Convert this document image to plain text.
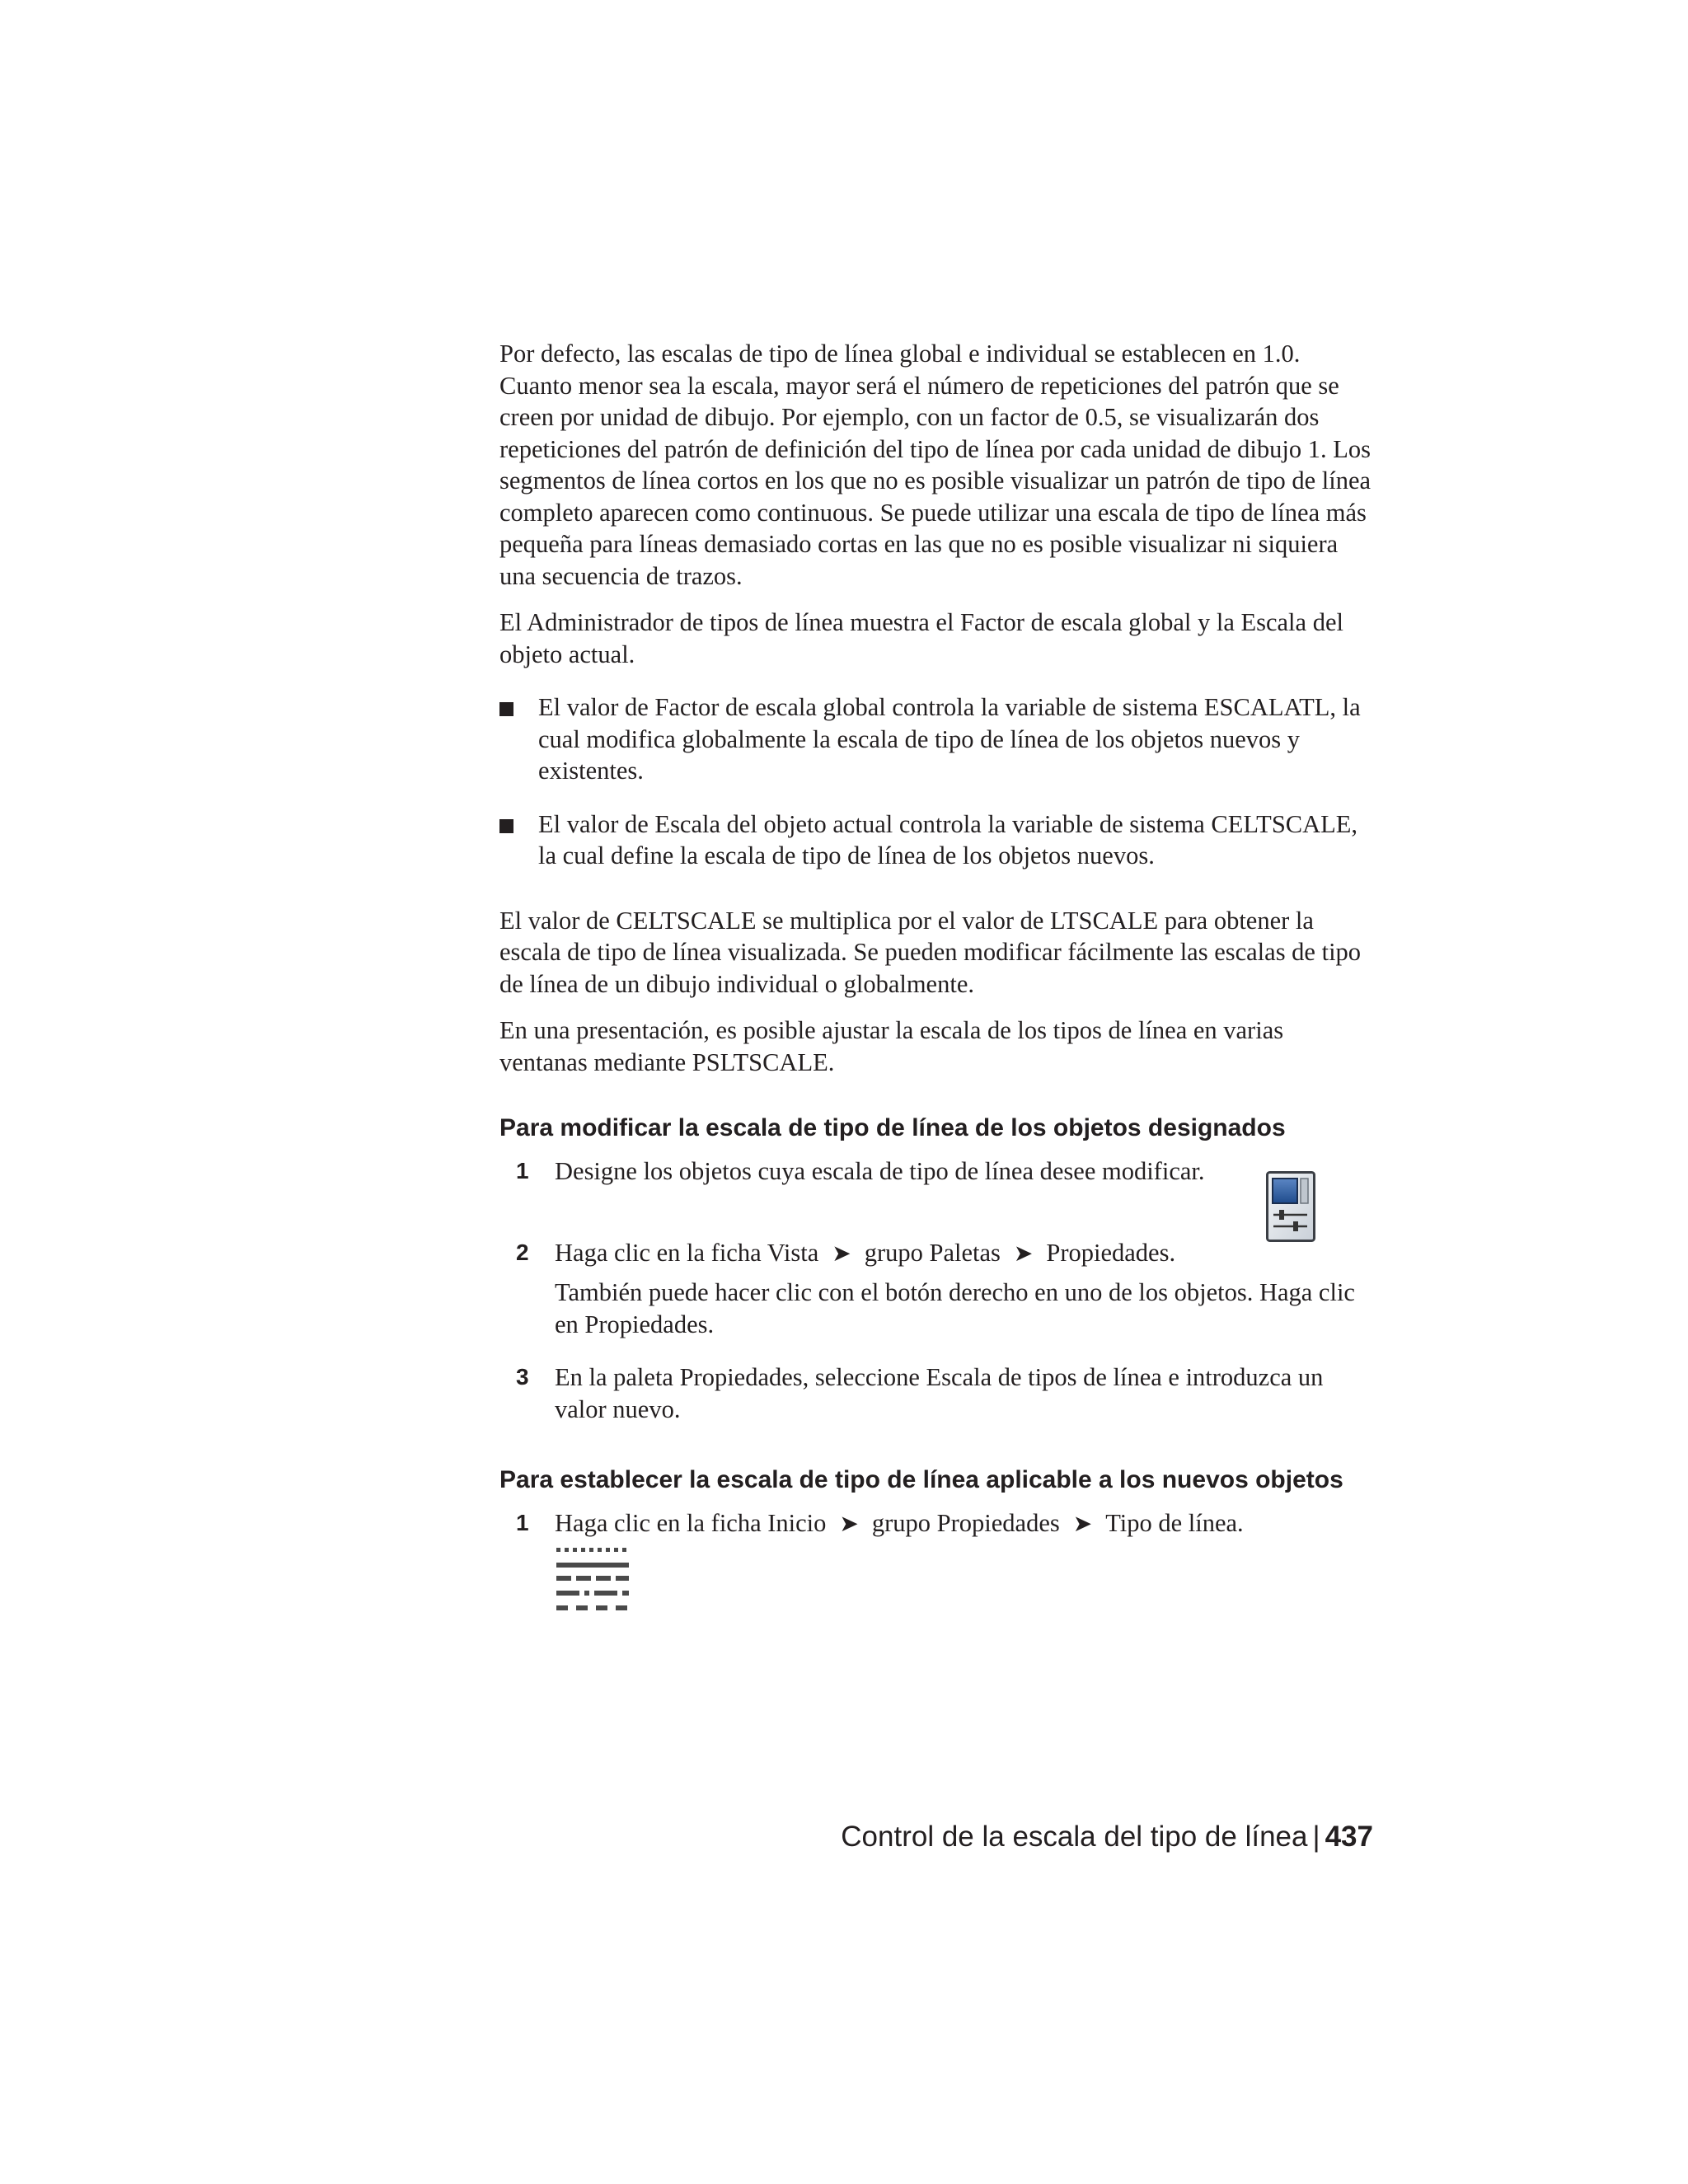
Por defecto, las escalas de tipo de línea global e individual se establecen en 1.0. Cuanto menor sea la escala, mayor será el número de repeticiones del patrón que se creen por unidad de dibujo. Por ejemplo, con un factor de 0.5, se visualizarán dos repeticiones del patrón de definición del tipo de línea por cada unidad de dibujo 1. Los segmentos de línea cortos en los que no es posible visualizar un patrón de tipo de línea completo aparecen como continuous. Se puede utilizar una escala de tipo de línea más pequeña para líneas demasiado cortas en las que no es posible visualizar ni siquiera una secuencia de trazos.

El Administrador de tipos de línea muestra el Factor de escala global y la Escala del objeto actual.

El valor de Factor de escala global controla la variable de sistema ESCALATL, la cual modifica globalmente la escala de tipo de línea de los objetos nuevos y existentes.
El valor de Escala del objeto actual controla la variable de sistema CELTSCALE, la cual define la escala de tipo de línea de los objetos nuevos.

El valor de CELTSCALE se multiplica por el valor de LTSCALE para obtener la escala de tipo de línea visualizada. Se pueden modificar fácilmente las escalas de tipo de línea de un dibujo individual o globalmente.

En una presentación, es posible ajustar la escala de los tipos de línea en varias ventanas mediante PSLTSCALE.

Para modificar la escala de tipo de línea de los objetos designados
1 Designe los objetos cuya escala de tipo de línea desee modificar.

2 Haga clic en la ficha Vista ➤ grupo Paletas ➤ Propiedades.

También puede hacer clic con el botón derecho en uno de los objetos. Haga clic en Propiedades.

3 En la paleta Propiedades, seleccione Escala de tipos de línea e introduzca un valor nuevo.

Para establecer la escala de tipo de línea aplicable a los nuevos objetos
1 Haga clic en la ficha Inicio ➤ grupo Propiedades ➤ Tipo de línea.

Control de la escala del tipo de línea | 437
